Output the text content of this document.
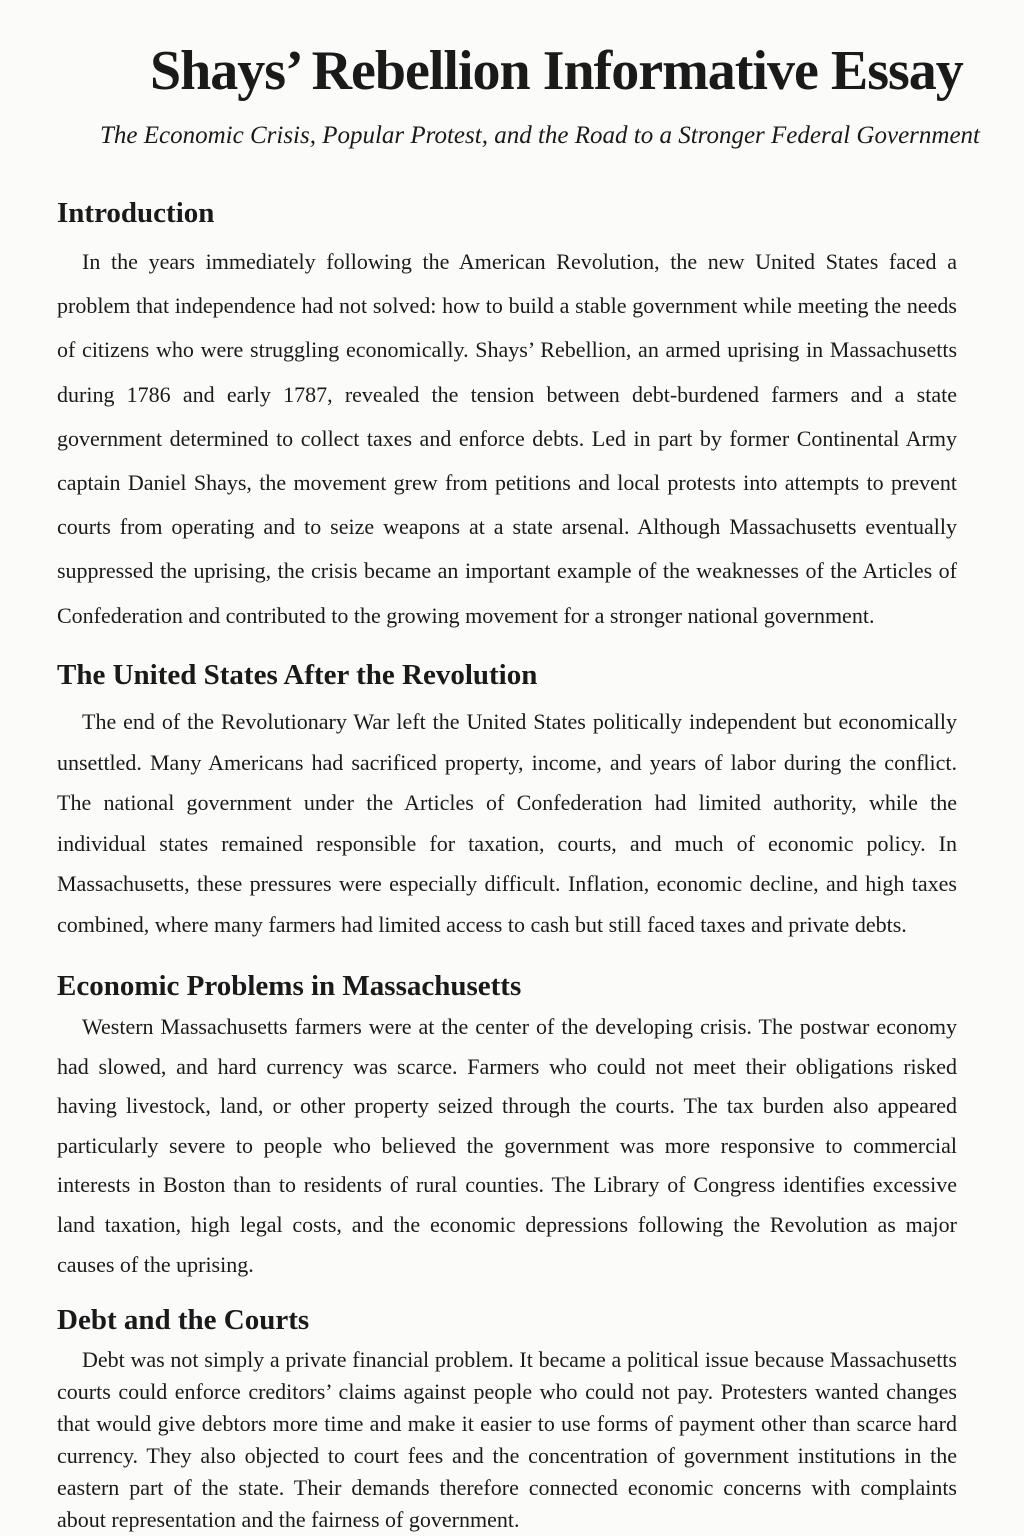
Shays’ Rebellion Informative Essay

The Economic Crisis, Popular Protest, and the Road to a Stronger Federal Government

Introduction

In the years immediately following the American Revolution, the new United States faced a problem that independence had not solved: how to build a stable government while meeting the needs of citizens who were struggling economically. Shays’ Rebellion, an armed uprising in Massachusetts during 1786 and early 1787, revealed the tension between debt-burdened farmers and a state government determined to collect taxes and enforce debts. Led in part by former Continental Army captain Daniel Shays, the movement grew from petitions and local protests into attempts to prevent courts from operating and to seize weapons at a state arsenal. Although Massachusetts eventually suppressed the uprising, the crisis became an important example of the weaknesses of the Articles of Confederation and contributed to the growing movement for a stronger national government.

The United States After the Revolution

The end of the Revolutionary War left the United States politically independent but economically unsettled. Many Americans had sacrificed property, income, and years of labor during the conflict. The national government under the Articles of Confederation had limited authority, while the individual states remained responsible for taxation, courts, and much of economic policy. In Massachusetts, these pressures were especially difficult. Inflation, economic decline, and high taxes combined, where many farmers had limited access to cash but still faced taxes and private debts.

Economic Problems in Massachusetts

Western Massachusetts farmers were at the center of the developing crisis. The postwar economy had slowed, and hard currency was scarce. Farmers who could not meet their obligations risked having livestock, land, or other property seized through the courts. The tax burden also appeared particularly severe to people who believed the government was more responsive to commercial interests in Boston than to residents of rural counties. The Library of Congress identifies excessive land taxation, high legal costs, and the economic depressions following the Revolution as major causes of the uprising.

Debt and the Courts

Debt was not simply a private financial problem. It became a political issue because Massachusetts courts could enforce creditors’ claims against people who could not pay. Protesters wanted changes that would give debtors more time and make it easier to use forms of payment other than scarce hard currency. They also objected to court fees and the concentration of government institutions in the eastern part of the state. Their demands therefore connected economic concerns with complaints about representation and the fairness of government.
